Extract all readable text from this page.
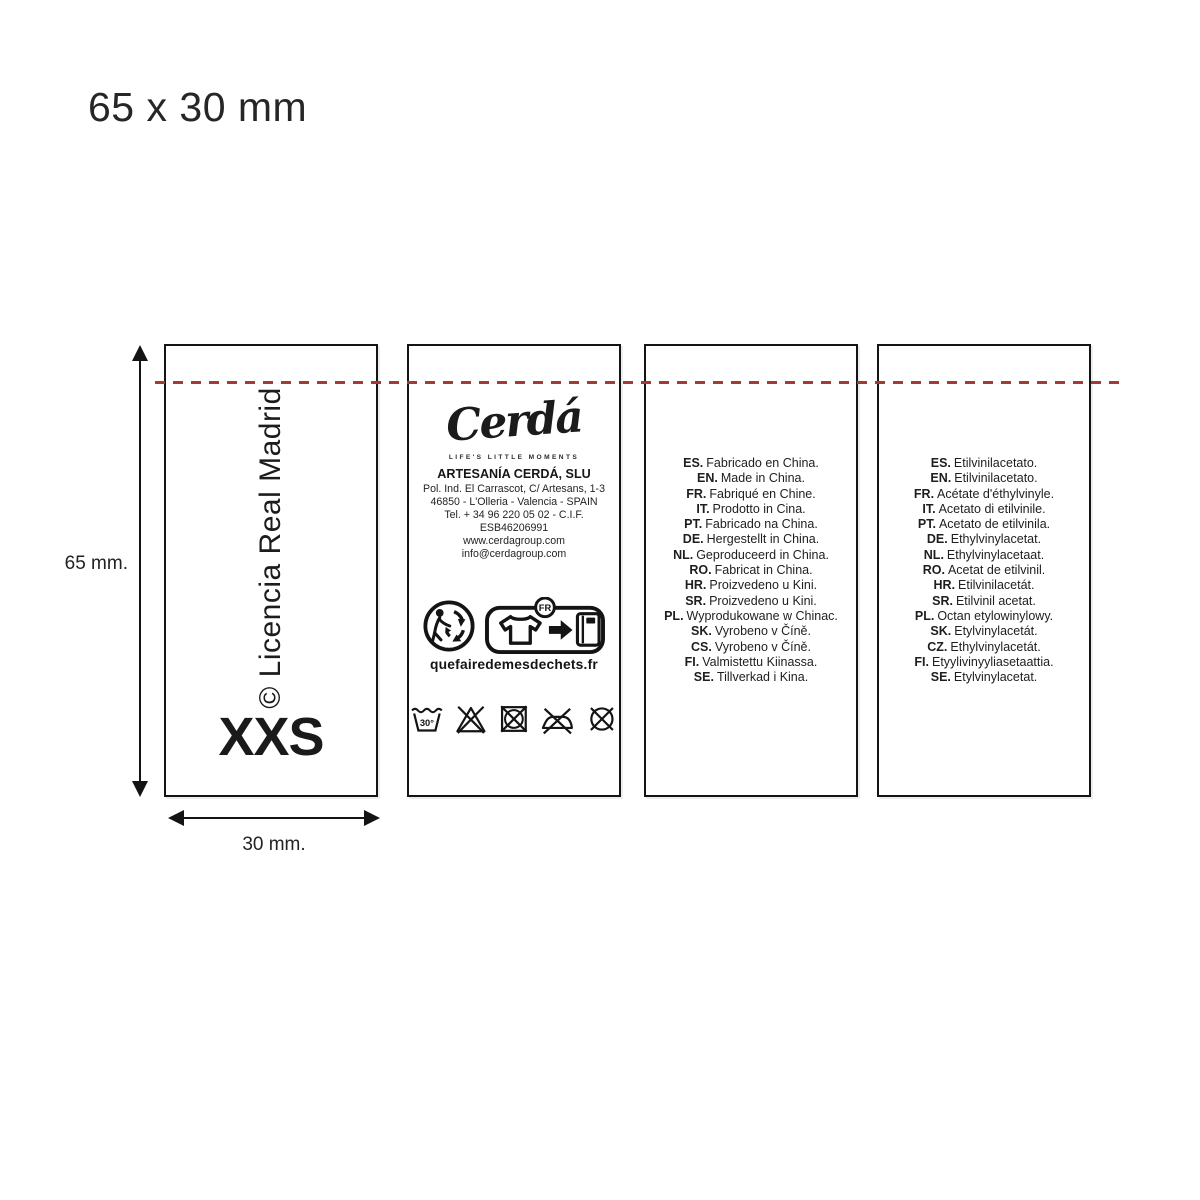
65 x 30 mm
65 mm.	© Licencia Real Madrid
XXS
Cerdá
LIFE'S LITTLE MOMENTS
ARTESANÍA CERDÁ, SLU
Pol. Ind. El Carrascot, C/ Artesans, 1-3
46850 - L'Olleria - Valencia - SPAIN
Tel. + 34 96 220 05 02 - C.I.F. ESB46206991
www.cerdagroup.com
info@cerdagroup.com
FR
quefairedemesdechets.fr
30°
ES. Fabricado en China.
EN. Made in China.
FR. Fabriqué en Chine.
IT. Prodotto in Cina.
PT. Fabricado na China.
DE. Hergestellt in China.
NL. Geproduceerd in China.
RO. Fabricat in China.
HR. Proizvedeno u Kini.
SR. Proizvedeno u Kini.
PL. Wyprodukowane w Chinac.
SK. Vyrobeno v Číně.
CS. Vyrobeno v Číně.
FI. Valmistettu Kiinassa.
SE. Tillverkad i Kina.
ES. Etilvinilacetato.
EN. Etilvinilacetato.
FR. Acétate d'éthylvinyle.
IT. Acetato di etilvinile.
PT. Acetato de etilvinila.
DE. Ethylvinylacetat.
NL. Ethylvinylacetaat.
RO. Acetat de etilvinil.
HR. Etilvinilacetát.
SR. Etilvinil acetat.
PL. Octan etylowinylowy.
SK. Etylvinylacetát.
CZ. Ethylvinylacetát.
FI. Etyylivinyyliasetaattia.
SE. Etylvinylacetat.
30 mm.
